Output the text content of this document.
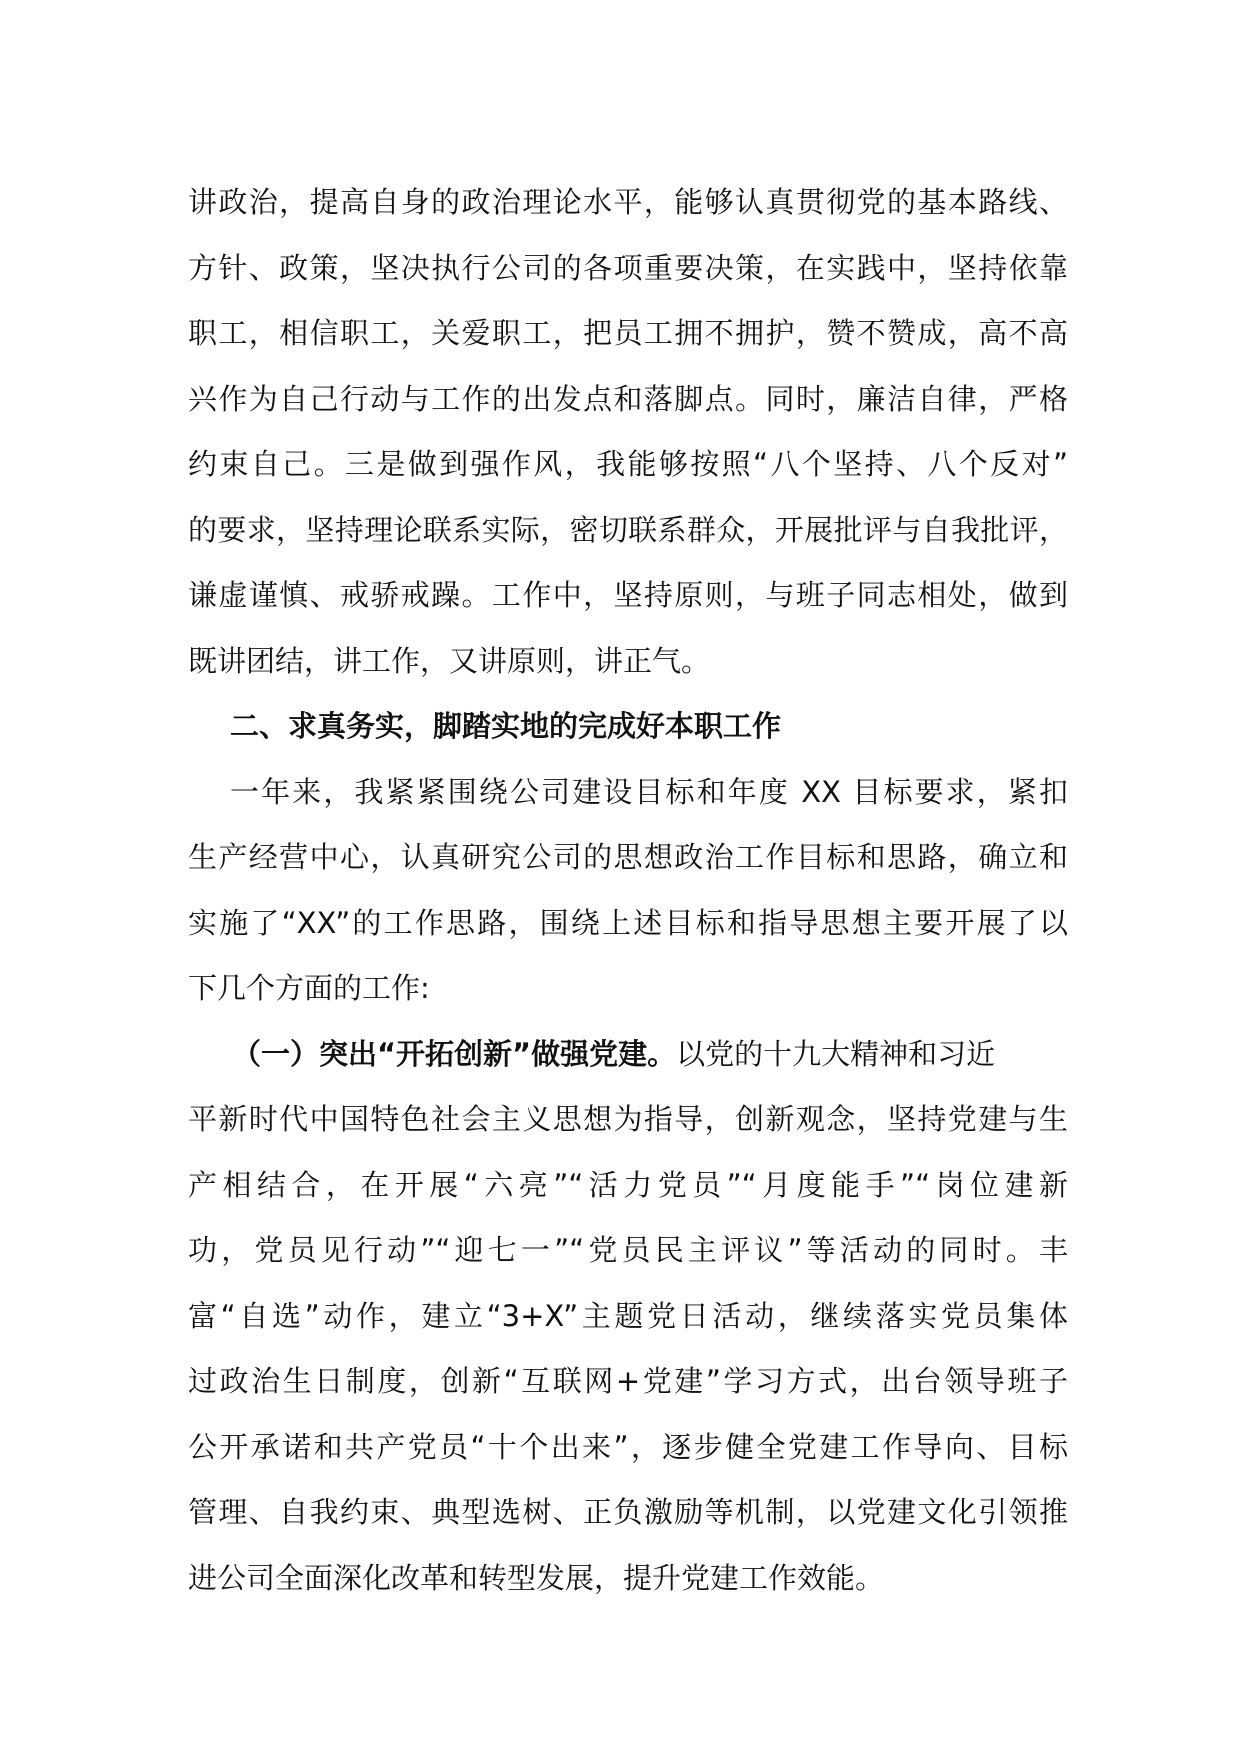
讲政治，提高自身的政治理论水平，能够认真贯彻党的基本路线、
方针、政策，坚决执行公司的各项重要决策，在实践中，坚持依靠
职工，相信职工，关爱职工，把员工拥不拥护，赞不赞成，高不高
兴作为自己行动与工作的出发点和落脚点。同时，廉洁自律，严格
约束自己。三是做到强作风，我能够按照“八个坚持、八个反对”
的要求，坚持理论联系实际，密切联系群众，开展批评与自我批评，
谦虚谨慎、戒骄戒躁。工作中，坚持原则，与班子同志相处，做到
既讲团结，讲工作，又讲原则，讲正气。
二、求真务实，脚踏实地的完成好本职工作
一年来，我紧紧围绕公司建设目标和年度 XX 目标要求，紧扣
生产经营中心，认真研究公司的思想政治工作目标和思路，确立和
实施了“XX”的工作思路，围绕上述目标和指导思想主要开展了以
下几个方面的工作:
（一）突出“开拓创新”做强党建。以党的十九大精神和习近
平新时代中国特色社会主义思想为指导，创新观念，坚持党建与生
产相结合，在开展“六亮”“活力党员”“月度能手”“岗位建新
功，党员见行动”“迎七一”“党员民主评议”等活动的同时。丰
富“自选”动作，建立“3+X”主题党日活动，继续落实党员集体
过政治生日制度，创新“互联网+党建”学习方式，出台领导班子
公开承诺和共产党员“十个出来”，逐步健全党建工作导向、目标
管理、自我约束、典型选树、正负激励等机制，以党建文化引领推
进公司全面深化改革和转型发展，提升党建工作效能。
